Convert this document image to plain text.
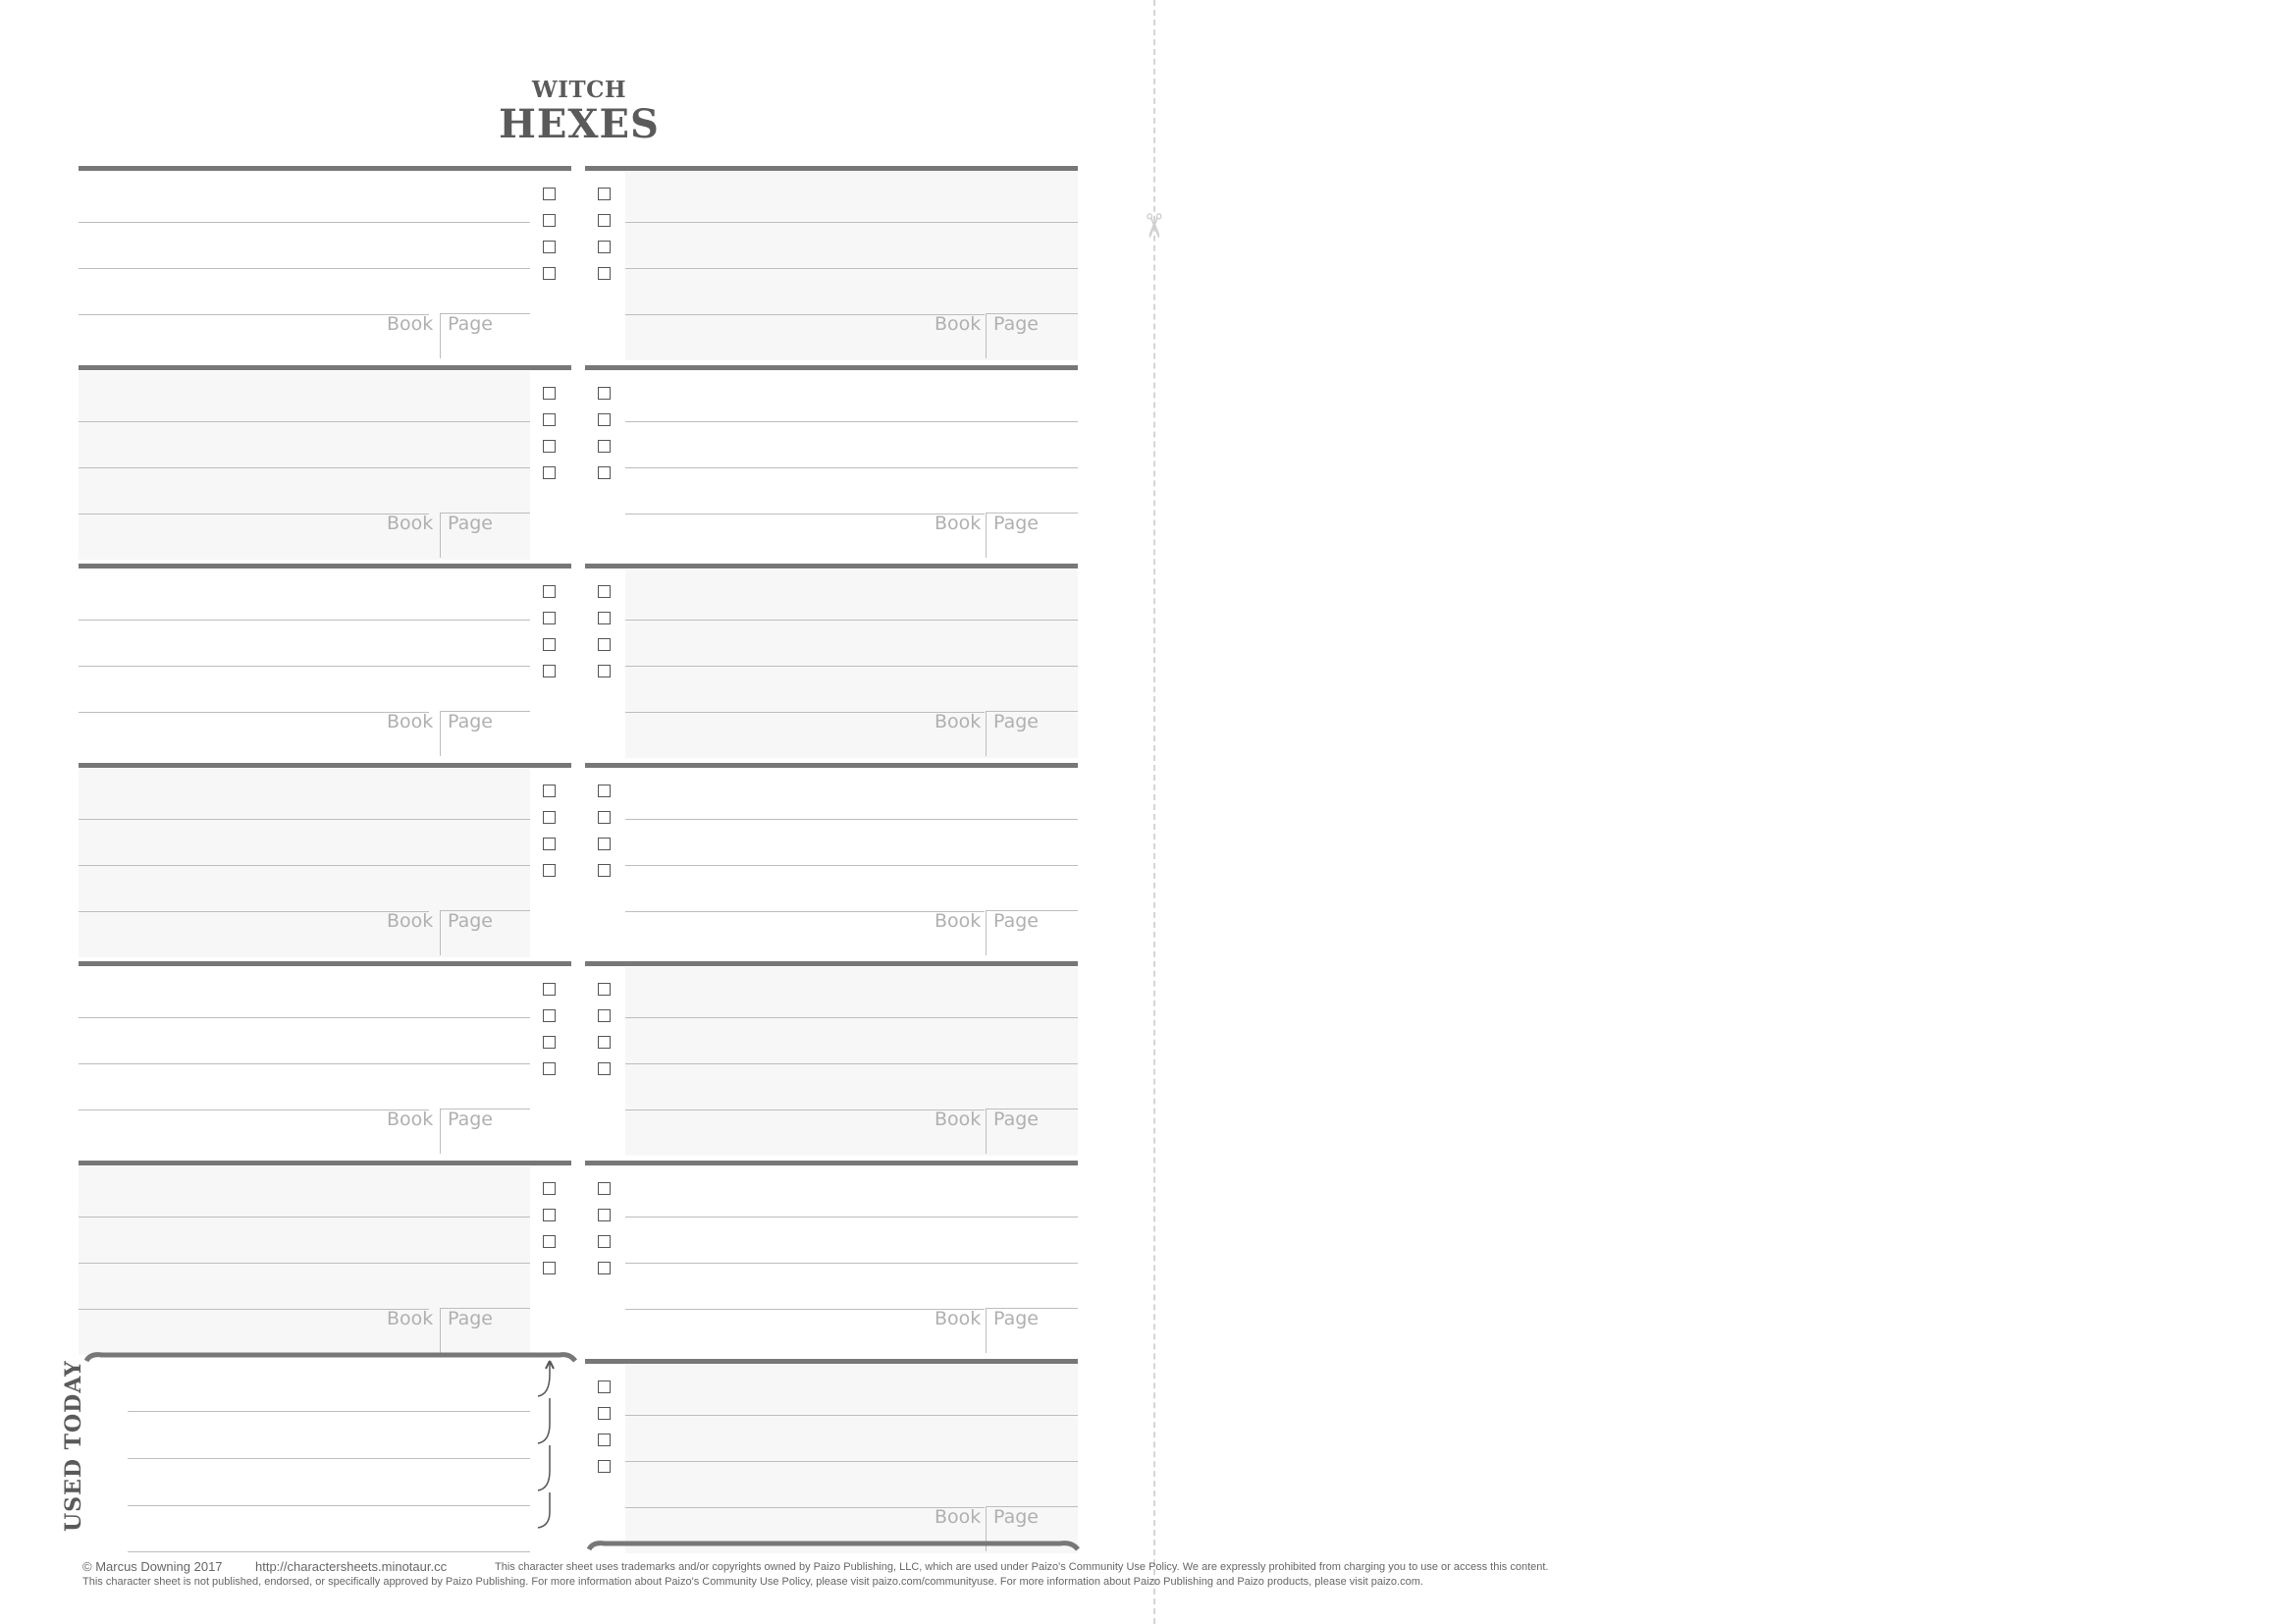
WITCH
HEXES
Book Page
Book Page
Book Page
Book Page
Book Page
Book Page
Book Page
Book Page
Book Page
Book Page
Book Page
Book Page
Book Page
USED TODAY
✂
© Marcus Downing 2017	http://charactersheets.minotaur.cc	This character sheet uses trademarks and/or copyrights owned by Paizo Publishing, LLC, which are used under Paizo's Community Use Policy. We are expressly prohibited from charging you to use or access this content.
This character sheet is not published, endorsed, or specifically approved by Paizo Publishing. For more information about Paizo's Community Use Policy, please visit paizo.com/communityuse. For more information about Paizo Publishing and Paizo products, please visit paizo.com.
